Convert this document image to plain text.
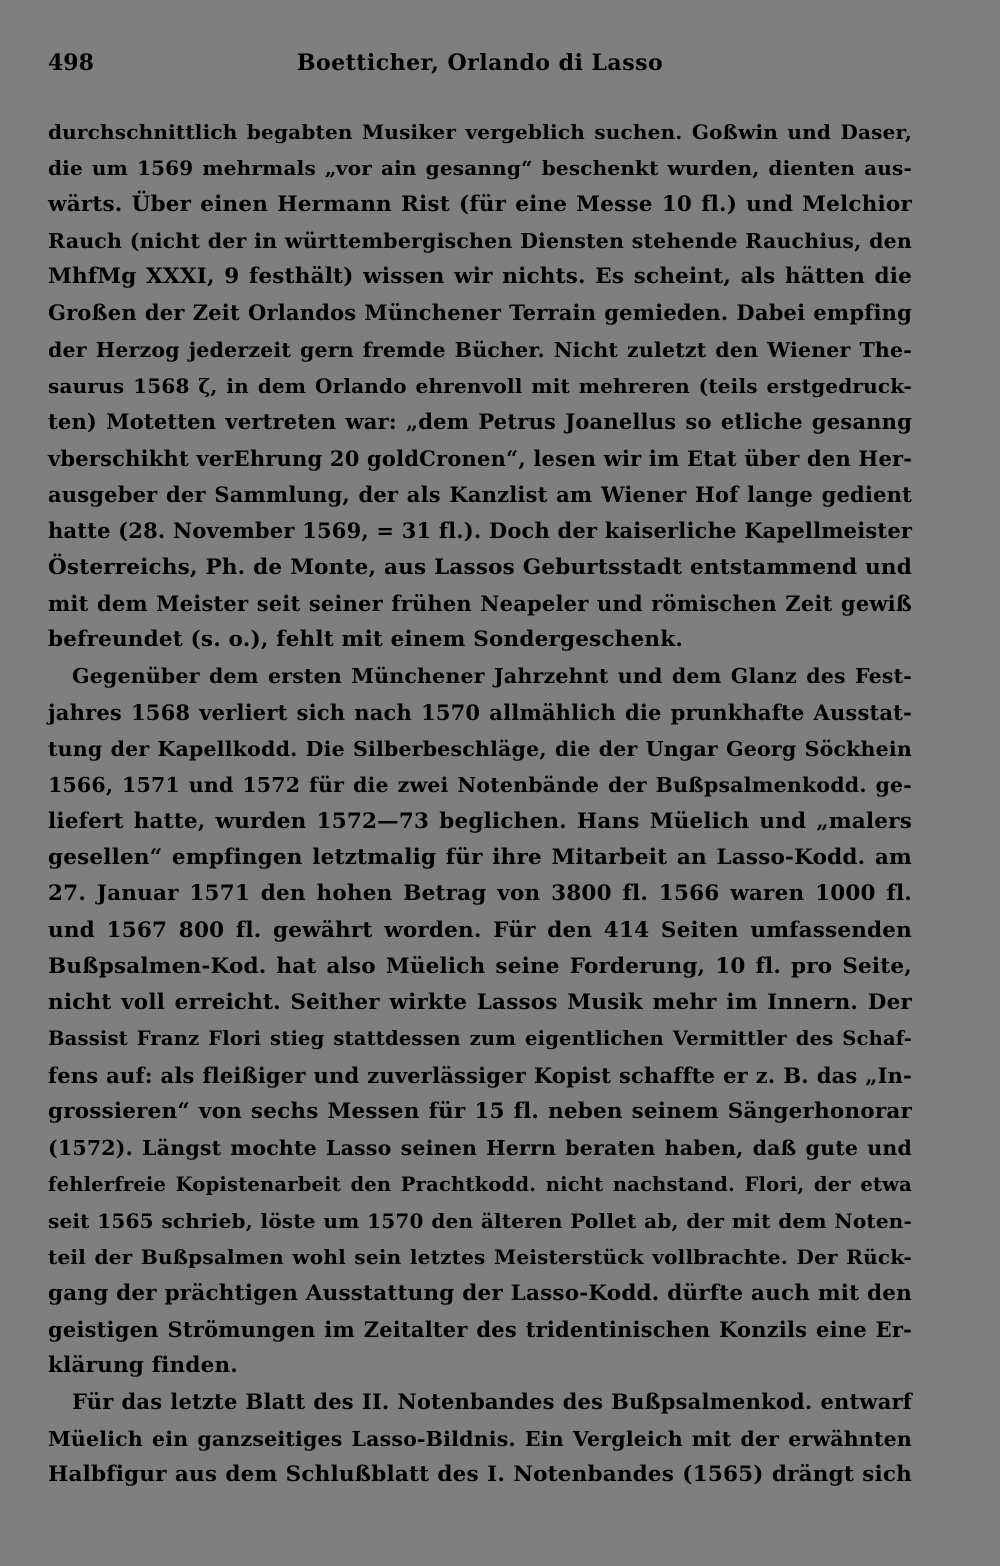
498	Boetticher, Orlando di Lasso
durchschnittlich begabten Musiker vergeblich suchen. Goßwin und Daser,
die um 1569 mehrmals „vor ain gesanng“ beschenkt wurden, dienten aus-
wärts. Über einen Hermann Rist (für eine Messe 10 fl.) und Melchior
Rauch (nicht der in württembergischen Diensten stehende Rauchius, den
MhfMg XXXI, 9 festhält) wissen wir nichts. Es scheint, als hätten die
Großen der Zeit Orlandos Münchener Terrain gemieden. Dabei empfing
der Herzog jederzeit gern fremde Bücher. Nicht zuletzt den Wiener The-
saurus 1568 ζ, in dem Orlando ehrenvoll mit mehreren (teils erstgedruck-
ten) Motetten vertreten war: „dem Petrus Joanellus so etliche gesanng
vberschikht verEhrung 20 goldCronen“, lesen wir im Etat über den Her-
ausgeber der Sammlung, der als Kanzlist am Wiener Hof lange gedient
hatte (28. November 1569, = 31 fl.). Doch der kaiserliche Kapellmeister
Österreichs, Ph. de Monte, aus Lassos Geburtsstadt entstammend und
mit dem Meister seit seiner frühen Neapeler und römischen Zeit gewiß
befreundet (s. o.), fehlt mit einem Sondergeschenk.
Gegenüber dem ersten Münchener Jahrzehnt und dem Glanz des Fest-
jahres 1568 verliert sich nach 1570 allmählich die prunkhafte Ausstat-
tung der Kapellkodd. Die Silberbeschläge, die der Ungar Georg Söckhein
1566, 1571 und 1572 für die zwei Notenbände der Bußpsalmenkodd. ge-
liefert hatte, wurden 1572—73 beglichen. Hans Müelich und „malers
gesellen“ empfingen letztmalig für ihre Mitarbeit an Lasso-Kodd. am
27. Januar 1571 den hohen Betrag von 3800 fl. 1566 waren 1000 fl.
und 1567 800 fl. gewährt worden. Für den 414 Seiten umfassenden
Bußpsalmen-Kod. hat also Müelich seine Forderung, 10 fl. pro Seite,
nicht voll erreicht. Seither wirkte Lassos Musik mehr im Innern. Der
Bassist Franz Flori stieg stattdessen zum eigentlichen Vermittler des Schaf-
fens auf: als fleißiger und zuverlässiger Kopist schaffte er z. B. das „In-
grossieren“ von sechs Messen für 15 fl. neben seinem Sängerhonorar
(1572). Längst mochte Lasso seinen Herrn beraten haben, daß gute und
fehlerfreie Kopistenarbeit den Prachtkodd. nicht nachstand. Flori, der etwa
seit 1565 schrieb, löste um 1570 den älteren Pollet ab, der mit dem Noten-
teil der Bußpsalmen wohl sein letztes Meisterstück vollbrachte. Der Rück-
gang der prächtigen Ausstattung der Lasso-Kodd. dürfte auch mit den
geistigen Strömungen im Zeitalter des tridentinischen Konzils eine Er-
klärung finden.
Für das letzte Blatt des II. Notenbandes des Bußpsalmenkod. entwarf
Müelich ein ganzseitiges Lasso-Bildnis. Ein Vergleich mit der erwähnten
Halbfigur aus dem Schlußblatt des I. Notenbandes (1565) drängt sich
